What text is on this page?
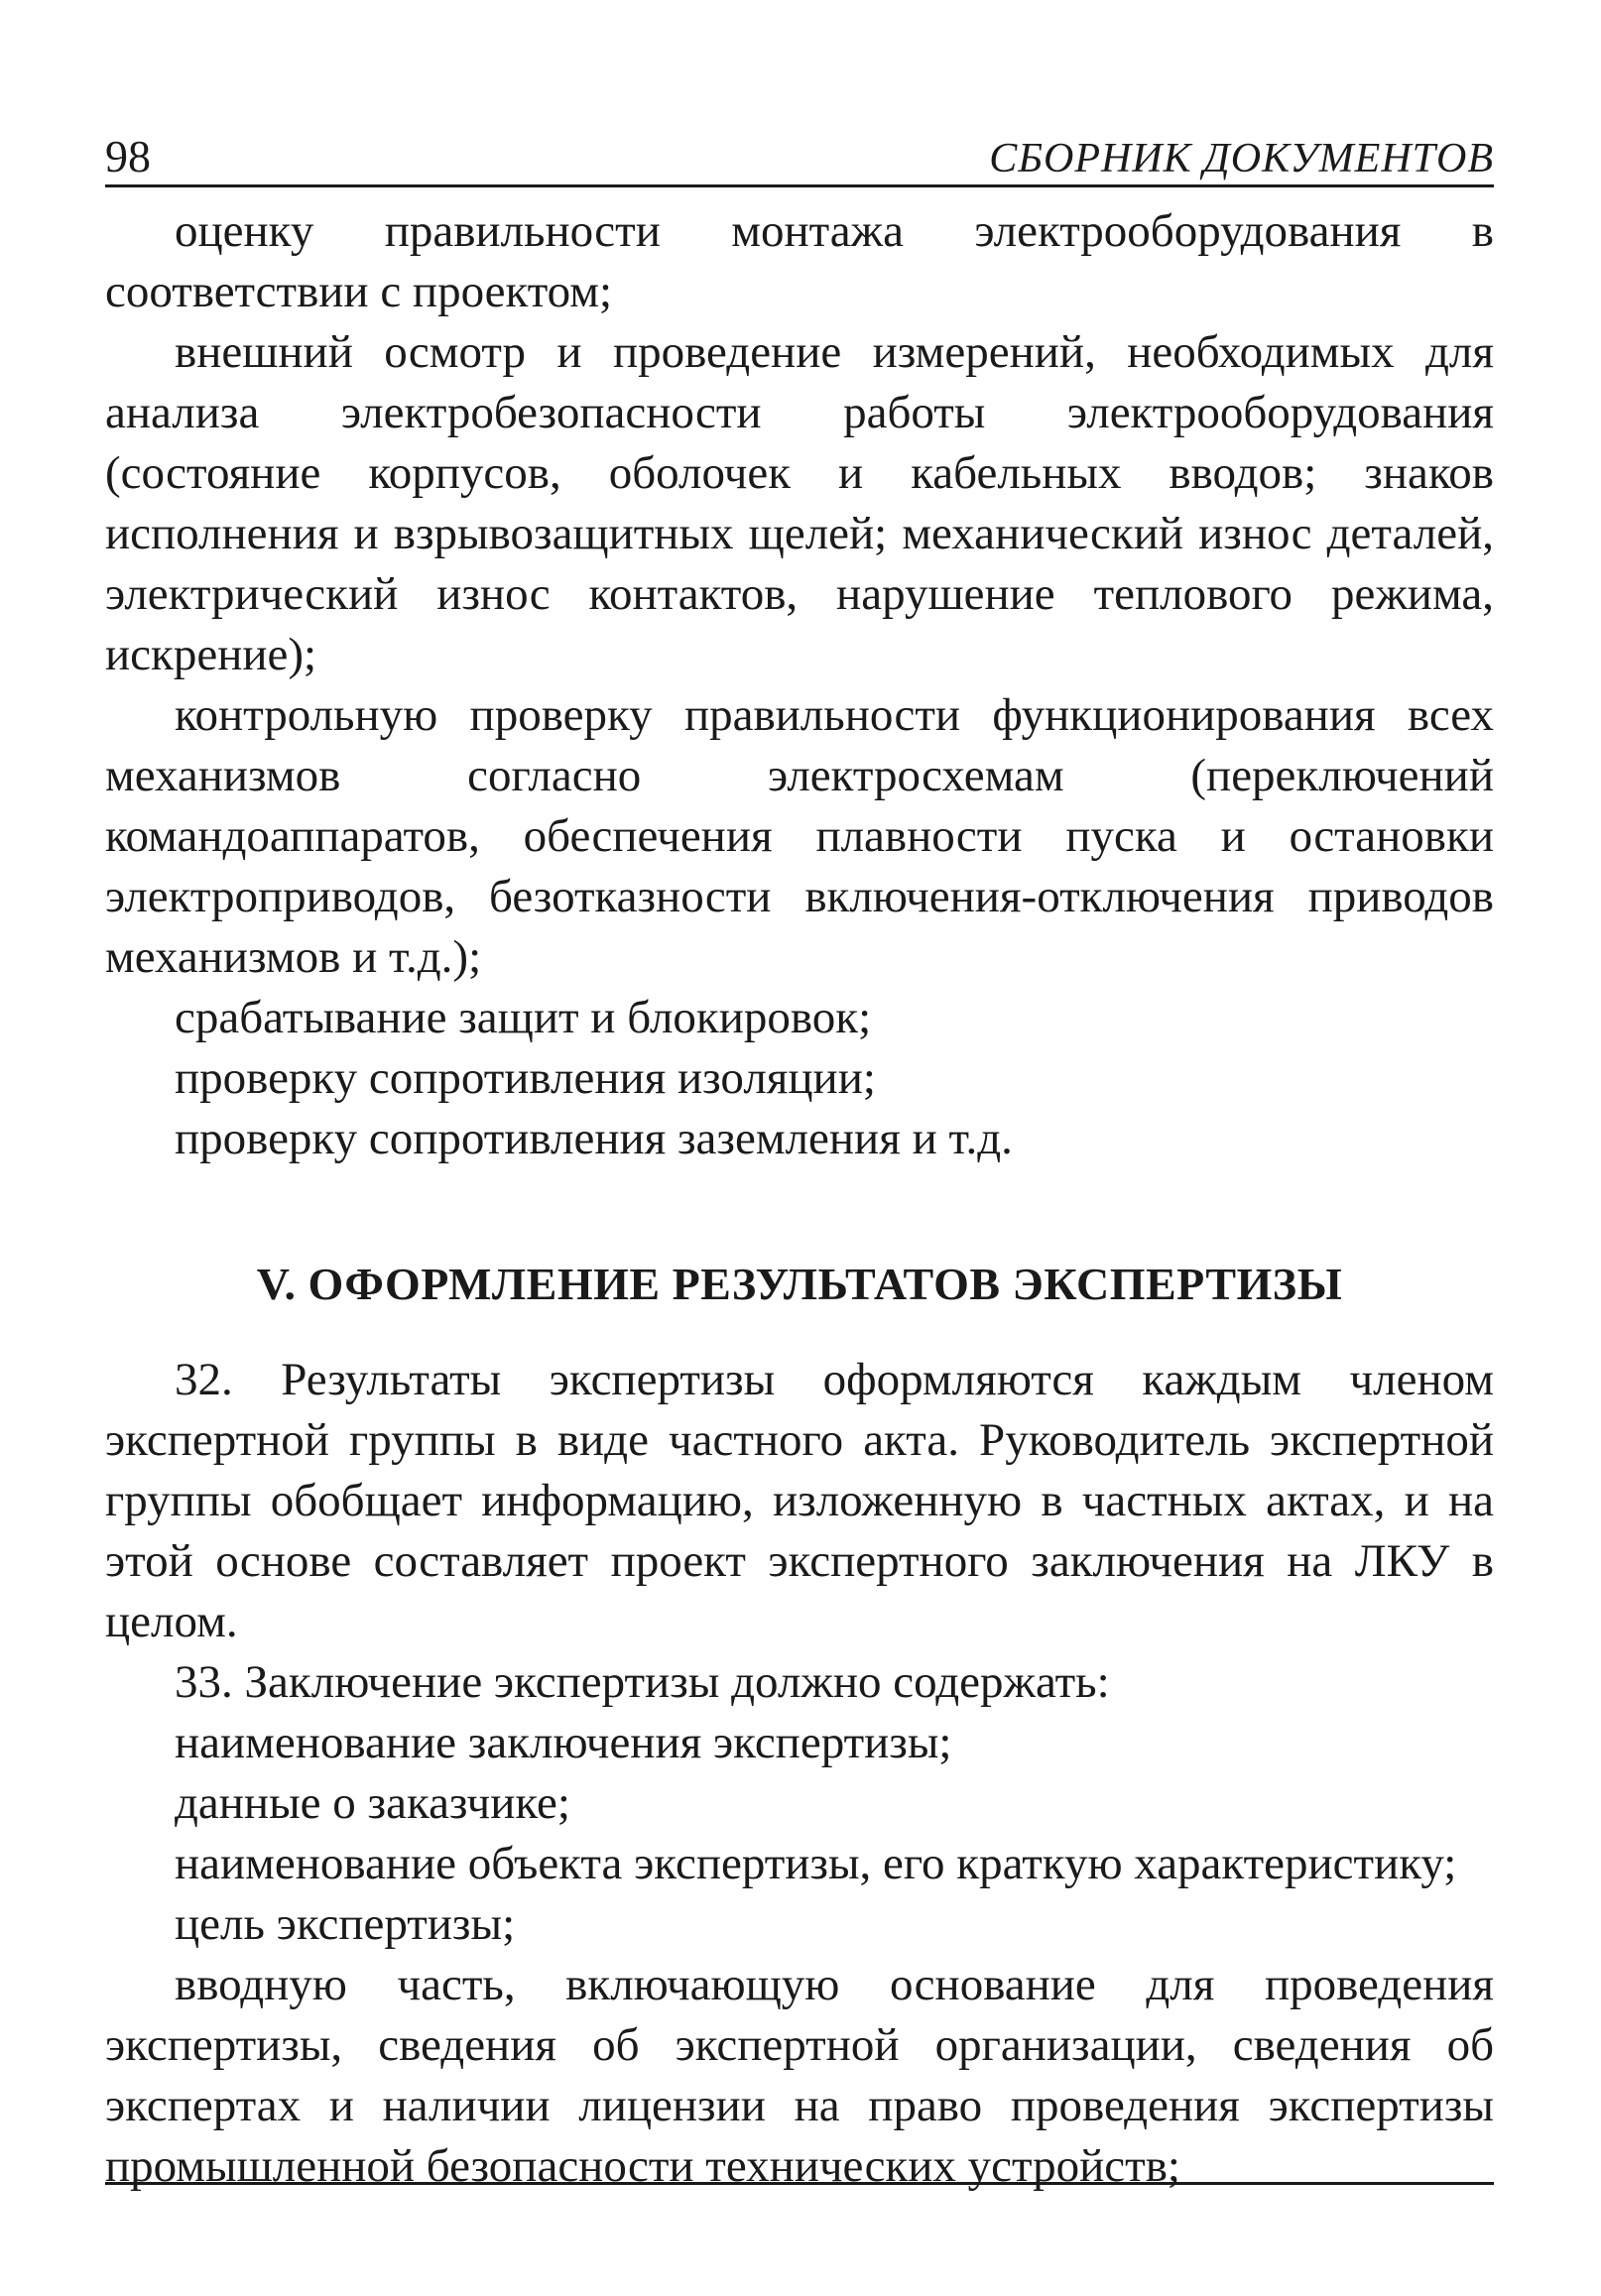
98	СБОРНИК ДОКУМЕНТОВ

оценку правильности монтажа электрооборудования в соответствии с проектом;

внешний осмотр и проведение измерений, необходимых для анализа электробезопасности работы электрооборудования (состояние корпусов, оболочек и кабельных вводов; знаков исполнения и взрывозащитных щелей; механический износ деталей, электрический износ контактов, нарушение теплового режима, искрение);

контрольную проверку правильности функционирования всех механизмов согласно электросхемам (переключений командоаппаратов, обеспечения плавности пуска и остановки электроприводов, безотказности включения-отключения приводов механизмов и т.д.);

срабатывание защит и блокировок;

проверку сопротивления изоляции;

проверку сопротивления заземления и т.д.

V. ОФОРМЛЕНИЕ РЕЗУЛЬТАТОВ ЭКСПЕРТИЗЫ

32. Результаты экспертизы оформляются каждым членом экспертной группы в виде частного акта. Руководитель экспертной группы обобщает информацию, изложенную в частных актах, и на этой основе составляет проект экспертного заключения на ЛКУ в целом.

33. Заключение экспертизы должно содержать:

наименование заключения экспертизы;

данные о заказчике;

наименование объекта экспертизы, его краткую характеристику;

цель экспертизы;

вводную часть, включающую основание для проведения экспертизы, сведения об экспертной организации, сведения об экспертах и наличии лицензии на право проведения экспертизы промышленной безопасности технических устройств;
